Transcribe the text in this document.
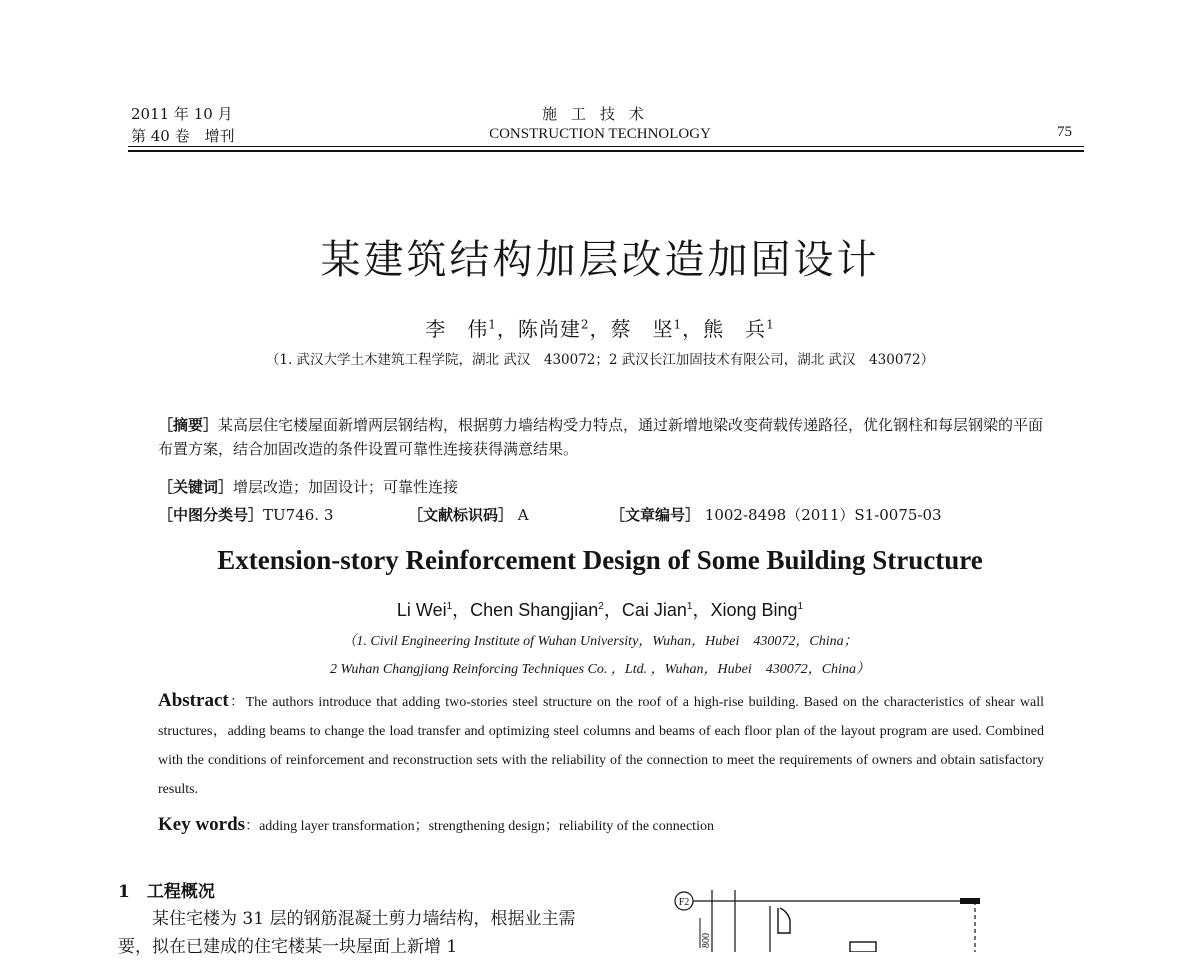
2011 年 10 月
第 40 卷　增刊
施工技术
CONSTRUCTION TECHNOLOGY	75
某建筑结构加层改造加固设计
李　伟$^1$，陈尚建$^2$，蔡　坚$^1$，熊　兵$^1$
（1. 武汉大学土木建筑工程学院，湖北 武汉　430072；2 武汉长江加固技术有限公司，湖北 武汉　430072）
［摘要］某高层住宅楼屋面新增两层钢结构，根据剪力墙结构受力特点，通过新增地梁改变荷载传递路径，优化钢柱和每层钢梁的平面布置方案，结合加固改造的条件设置可靠性连接获得满意结果。
［关键词］增层改造；加固设计；可靠性连接
［中图分类号］TU746. 3	［文献标识码］ A	［文章编号］ 1002-8498（2011）S1-0075-03
Extension-story Reinforcement Design of Some Building Structure
Li Wei$^1$，Chen Shangjian$^2$，Cai Jian$^1$，Xiong Bing$^1$
（1. Civil Engineering Institute of Wuhan University，Wuhan，Hubei　430072，China；
2 Wuhan Changjiang Reinforcing Techniques Co. ，Ltd. ，Wuhan，Hubei　430072，China）
Abstract：The authors introduce that adding two-stories steel structure on the roof of a high-rise building. Based on the characteristics of shear wall structures，adding beams to change the load transfer and optimizing steel columns and beams of each floor plan of the layout program are used. Combined with the conditions of reinforcement and reconstruction sets with the reliability of the connection to meet the requirements of owners and obtain satisfactory results.
Key words：adding layer transformation；strengthening design；reliability of the connection
1　工程概况
某住宅楼为 31 层的钢筋混凝土剪力墙结构，根据业主需要，拟在已建成的住宅楼某一块屋面上新增 1
F2
800
